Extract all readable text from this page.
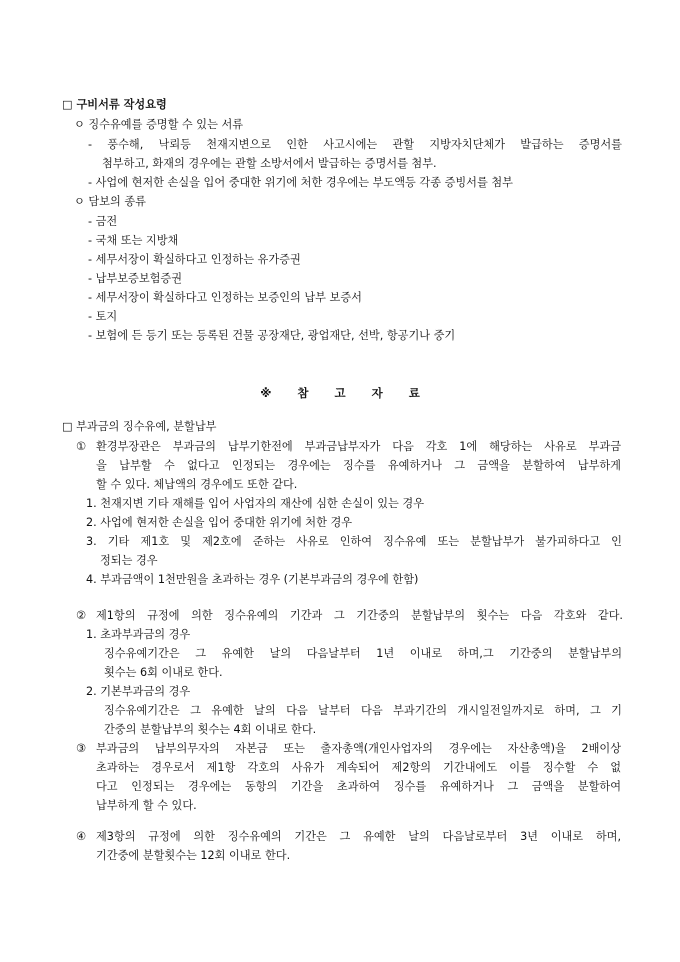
□ 구비서류 작성요령
ㅇ 징수유예를 증명할 수 있는 서류
- 풍수해, 낙뢰등 천재지변으로 인한 사고시에는 관할 지방자치단체가 발급하는 증명서를
첨부하고, 화재의 경우에는 관할 소방서에서 발급하는 증명서를 첨부.
- 사업에 현저한 손실을 입어 중대한 위기에 처한 경우에는 부도액등 각종 증빙서를 첨부
ㅇ 담보의 종류
- 금전
- 국채 또는 지방채
- 세무서장이 확실하다고 인정하는 유가증권
- 납부보증보험증권
- 세무서장이 확실하다고 인정하는 보증인의 납부 보증서
- 토지
- 보험에 든 등기 또는 등록된 건물 공장재단, 광업재단, 선박, 항공기나 중기
※ 참 고 자 료
□ 부과금의 징수유예, 분할납부
① 환경부장관은 부과금의 납부기한전에 부과금납부자가 다음 각호 1에 해당하는 사유로 부과금
을 납부할 수 없다고 인정되는 경우에는 징수를 유예하거나 그 금액을 분할하여 납부하게
할 수 있다. 체납액의 경우에도 또한 같다.
1. 천재지변 기타 재해를 입어 사업자의 재산에 심한 손실이 있는 경우
2. 사업에 현저한 손실을 입어 중대한 위기에 처한 경우
3. 기타 제1호 및 제2호에 준하는 사유로 인하여 징수유예 또는 분할납부가 불가피하다고 인
정되는 경우
4. 부과금액이 1천만원을 초과하는 경우 (기본부과금의 경우에 한함)
② 제1항의 규정에 의한 징수유예의 기간과 그 기간중의 분할납부의 횟수는 다음 각호와 같다.
1. 초과부과금의 경우
징수유예기간은 그 유예한 날의 다음날부터 1년 이내로 하며,그 기간중의 분할납부의
횟수는 6회 이내로 한다.
2. 기본부과금의 경우
징수유예기간은 그 유예한 날의 다음 날부터 다음 부과기간의 개시일전일까지로 하며, 그 기
간중의 분할납부의 횟수는 4회 이내로 한다.
③ 부과금의 납부의무자의 자본금 또는 출자총액(개인사업자의 경우에는 자산총액)을 2배이상
초과하는 경우로서 제1항 각호의 사유가 계속되어 제2항의 기간내에도 이를 징수할 수 없
다고 인정되는 경우에는 동항의 기간을 초과하여 징수를 유예하거나 그 금액을 분할하여
납부하게 할 수 있다.
④ 제3항의 규정에 의한 징수유예의 기간은 그 유예한 날의 다음날로부터 3년 이내로 하며,
기간중에 분할횟수는 12회 이내로 한다.
